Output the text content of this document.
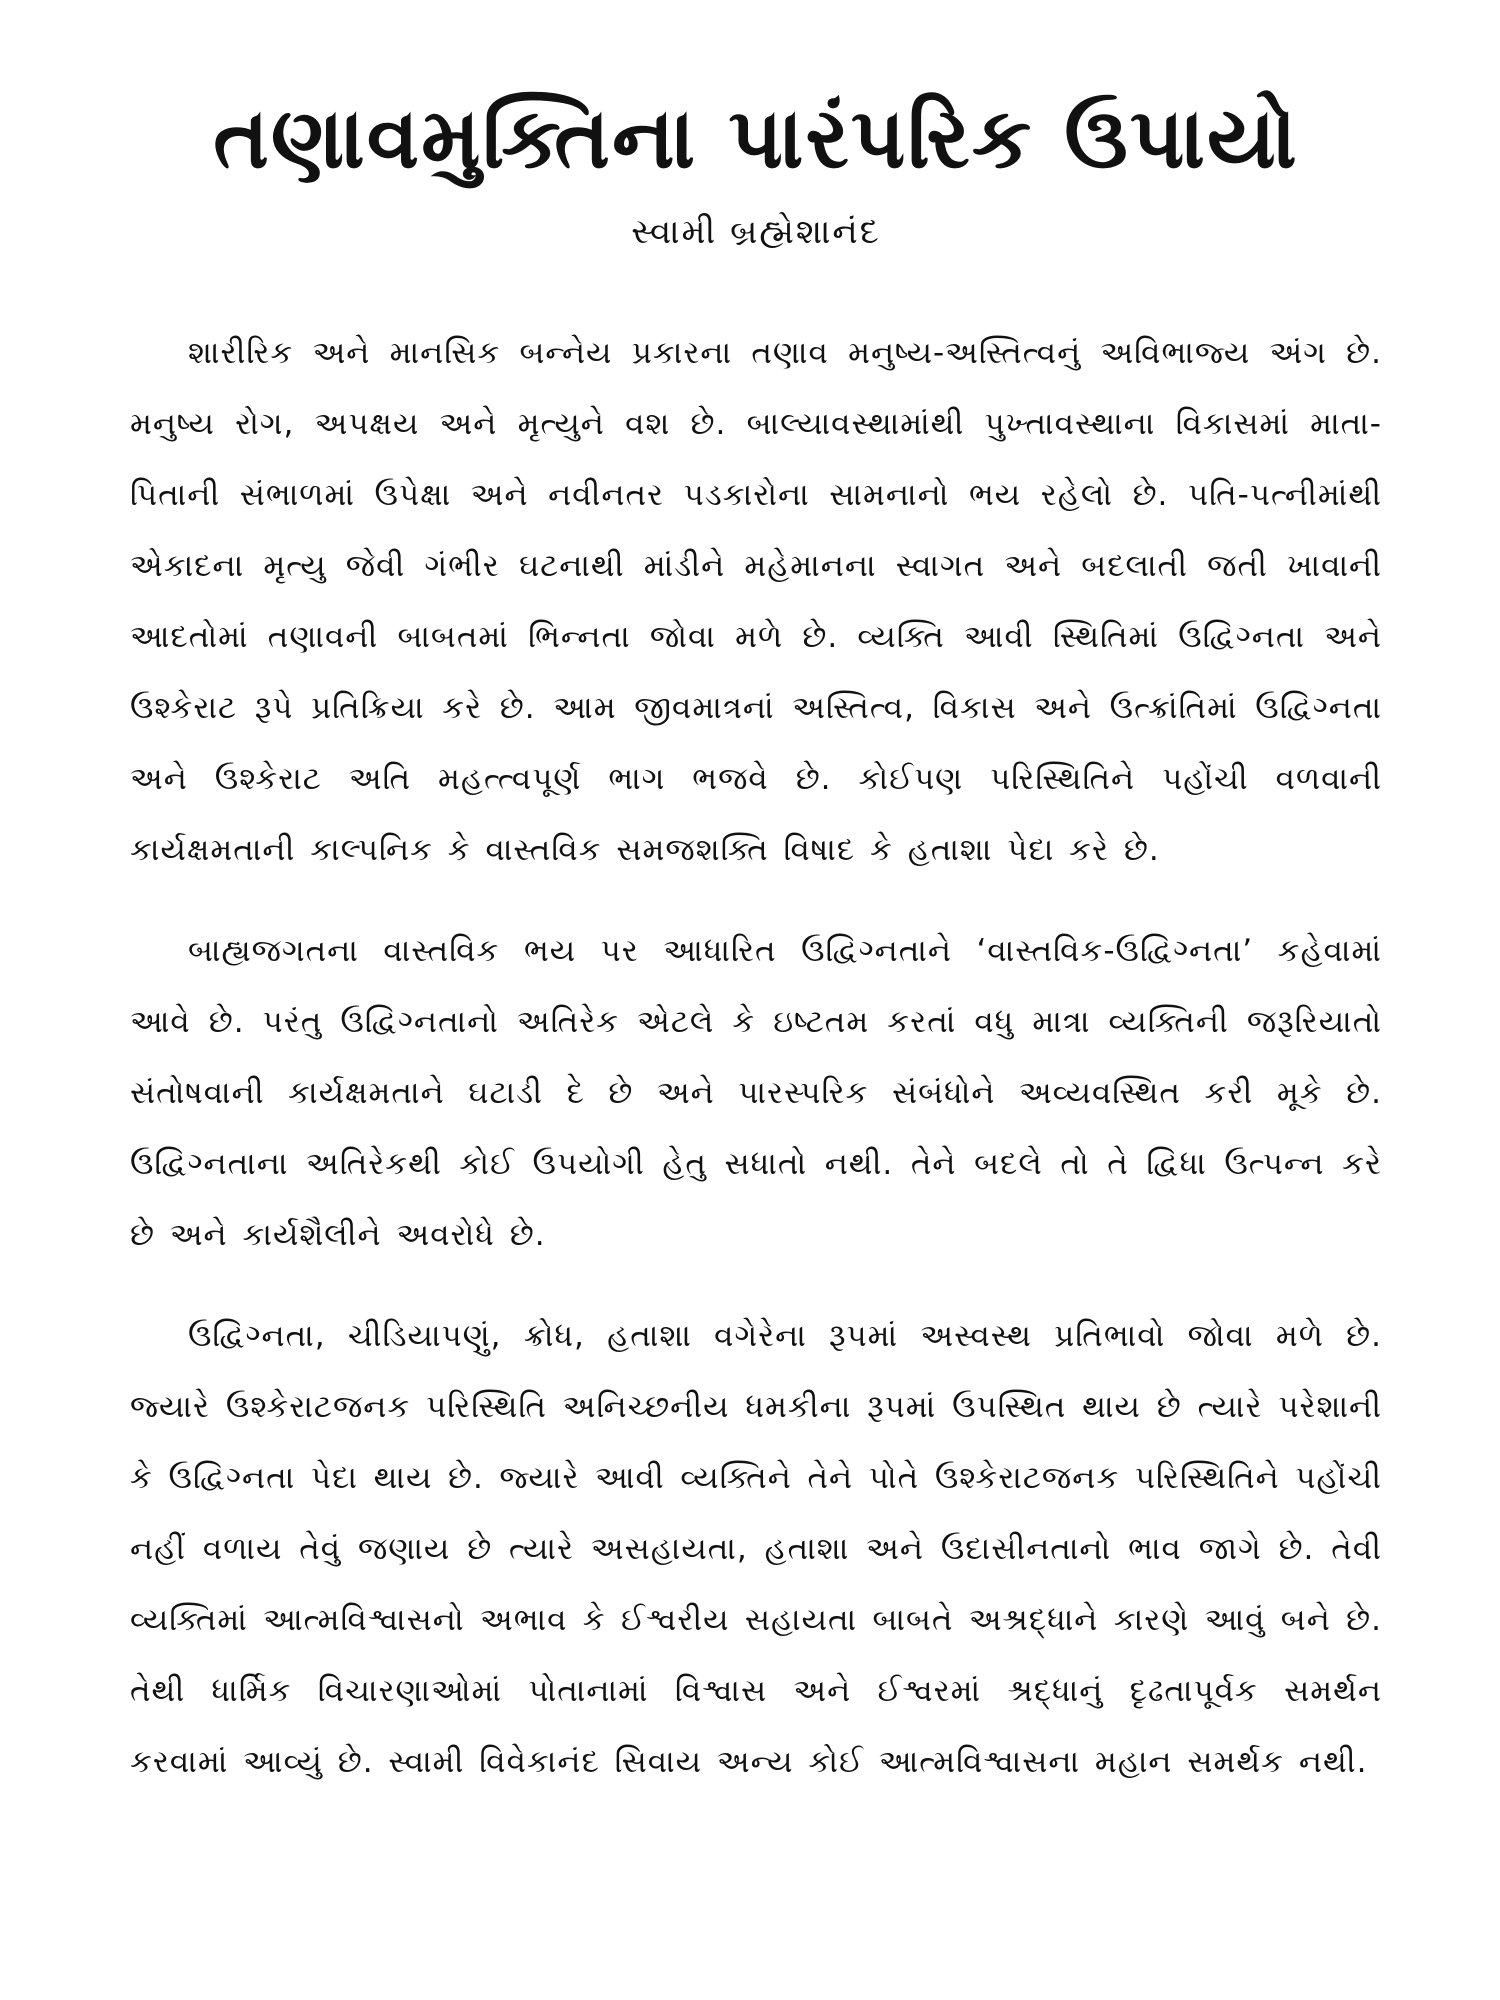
તણાવમુક્તિના પારંપરિક ઉપાયો
સ્વામી બ્રહ્મેશાનંદ

શારીરિક અને માનસિક બન્નેય પ્રકારના તણાવ મનુષ્ય-અસ્તિત્વનું અવિભાજ્ય અંગ છે. મનુષ્ય રોગ, અપક્ષય અને મૃત્યુને વશ છે. બાલ્યાવસ્થામાંથી પુખ્તાવસ્થાના વિકાસમાં માતા-પિતાની સંભાળમાં ઉપેક્ષા અને નવીનતર પડકારોના સામનાનો ભય રહેલો છે. પતિ-પત્નીમાંથી એકાદના મૃત્યુ જેવી ગંભીર ઘટનાથી માંડીને મહેમાનના સ્વાગત અને બદલાતી જતી ખાવાની આદતોમાં તણાવની બાબતમાં ભિન્નતા જોવા મળે છે. વ્યક્તિ આવી સ્થિતિમાં ઉદ્વિગ્નતા અને ઉશ્કેરાટ રૂપે પ્રતિક્રિયા કરે છે. આમ જીવમાત્રનાં અસ્તિત્વ, વિકાસ અને ઉત્ક્રાંતિમાં ઉદ્વિગ્નતા અને ઉશ્કેરાટ અતિ મહત્ત્વપૂર્ણ ભાગ ભજવે છે. કોઈપણ પરિસ્થિતિને પહોંચી વળવાની કાર્યક્ષમતાની કાલ્પનિક કે વાસ્તવિક સમજશક્તિ વિષાદ કે હતાશા પેદા કરે છે.

બાહ્યજગતના વાસ્તવિક ભય પર આધારિત ઉદ્વિગ્નતાને ‘વાસ્તવિક-ઉદ્વિગ્નતા’ કહેવામાં આવે છે. પરંતુ ઉદ્વિગ્નતાનો અતિરેક એટલે કે ઇષ્ટતમ કરતાં વધુ માત્રા વ્યક્તિની જરૂરિયાતો સંતોષવાની કાર્યક્ષમતાને ઘટાડી દે છે અને પારસ્પરિક સંબંધોને અવ્યવસ્થિત કરી મૂકે છે. ઉદ્વિગ્નતાના અતિરેકથી કોઈ ઉપયોગી હેતુ સધાતો નથી. તેને બદલે તો તે દ્વિધા ઉત્પન્ન કરે છે અને કાર્યશૈલીને અવરોધે છે.

ઉદ્વિગ્નતા, ચીડિયાપણું, ક્રોધ, હતાશા વગેરેના રૂપમાં અસ્વસ્થ પ્રતિભાવો જોવા મળે છે. જ્યારે ઉશ્કેરાટજનક પરિસ્થિતિ અનિચ્છનીય ધમકીના રૂપમાં ઉપસ્થિત થાય છે ત્યારે પરેશાની કે ઉદ્વિગ્નતા પેદા થાય છે. જ્યારે આવી વ્યક્તિને તેને પોતે ઉશ્કેરાટજનક પરિસ્થિતિને પહોંચી નહીં વળાય તેવું જણાય છે ત્યારે અસહાયતા, હતાશા અને ઉદાસીનતાનો ભાવ જાગે છે. તેવી વ્યક્તિમાં આત્મવિશ્વાસનો અભાવ કે ઈશ્વરીય સહાયતા બાબતે અશ્રદ્ધાને કારણે આવું બને છે. તેથી ધાર્મિક વિચારણાઓમાં પોતાનામાં વિશ્વાસ અને ઈશ્વરમાં શ્રદ્ધાનું દૃઢતાપૂર્વક સમર્થન કરવામાં આવ્યું છે. સ્વામી વિવેકાનંદ સિવાય અન્ય કોઈ આત્મવિશ્વાસના મહાન સમર્થક નથી.
